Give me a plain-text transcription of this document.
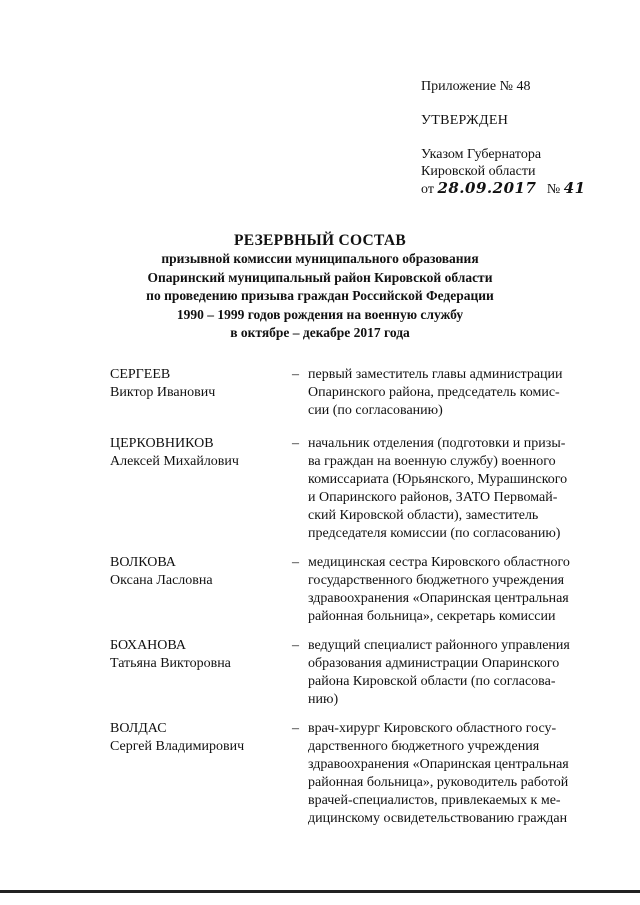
Приложение № 48
УТВЕРЖДЕН
Указом Губернатора
Кировской области
от 28.09.2017 № 41
РЕЗЕРВНЫЙ СОСТАВ
призывной комиссии муниципального образования
Опаринский муниципальный район Кировской области
по проведению призыва граждан Российской Федерации
1990 – 1999 годов рождения на военную службу
в октябре – декабре 2017 года
СЕРГЕЕВ
Виктор Иванович
– первый заместитель главы администрации
Опаринского района, председатель комис-
сии (по согласованию)
ЦЕРКОВНИКОВ
Алексей Михайлович
– начальник отделения (подготовки и призы-
ва граждан на военную службу) военного
комиссариата (Юрьянского, Мурашинского
и Опаринского районов, ЗАТО Первомай-
ский Кировской области), заместитель
председателя комиссии (по согласованию)
ВОЛКОВА
Оксана Ласловна
– медицинская сестра Кировского областного
государственного бюджетного учреждения
здравоохранения «Опаринская центральная
районная больница», секретарь комиссии
БОХАНОВА
Татьяна Викторовна
– ведущий специалист районного управления
образования администрации Опаринского
района Кировской области (по согласова-
нию)
ВОЛДАС
Сергей Владимирович
– врач-хирург Кировского областного госу-
дарственного бюджетного учреждения
здравоохранения «Опаринская центральная
районная больница», руководитель работой
врачей-специалистов, привлекаемых к ме-
дицинскому освидетельствованию граждан
